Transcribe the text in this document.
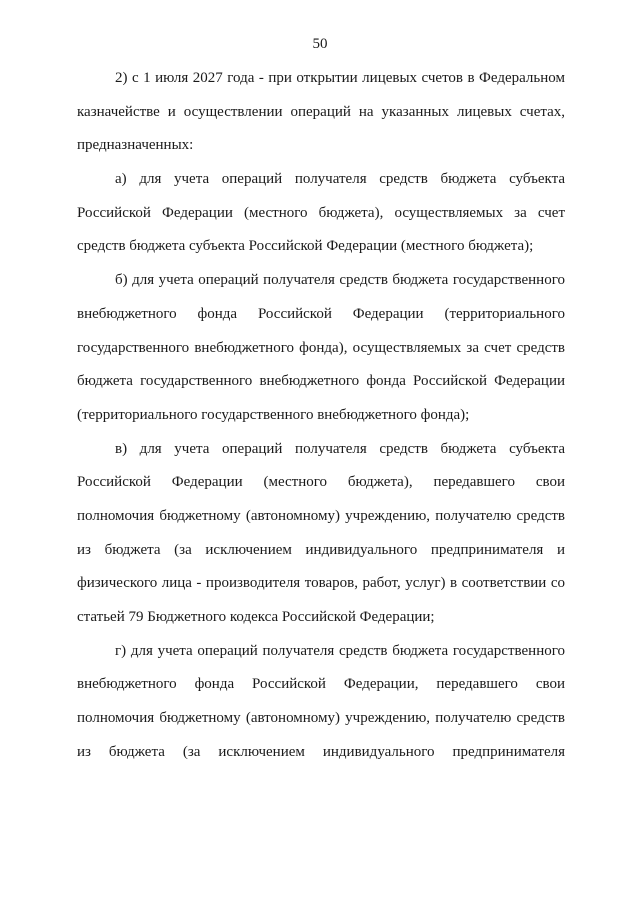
50
2) с 1 июля 2027 года - при открытии лицевых счетов в Федеральном
казначействе и осуществлении операций на указанных лицевых счетах,
предназначенных:
а) для учета операций получателя средств бюджета субъекта
Российской Федерации (местного бюджета), осуществляемых за счет
средств бюджета субъекта Российской Федерации (местного бюджета);
б) для учета операций получателя средств бюджета государственного
внебюджетного фонда Российской Федерации (территориального
государственного внебюджетного фонда), осуществляемых за счет средств
бюджета государственного внебюджетного фонда Российской Федерации
(территориального государственного внебюджетного фонда);
в) для учета операций получателя средств бюджета субъекта
Российской Федерации (местного бюджета), передавшего свои
полномочия бюджетному (автономному) учреждению, получателю средств
из бюджета (за исключением индивидуального предпринимателя и
физического лица - производителя товаров, работ, услуг) в соответствии со
статьей 79 Бюджетного кодекса Российской Федерации;
г) для учета операций получателя средств бюджета государственного
внебюджетного фонда Российской Федерации, передавшего свои
полномочия бюджетному (автономному) учреждению, получателю средств
из бюджета (за исключением индивидуального предпринимателя
